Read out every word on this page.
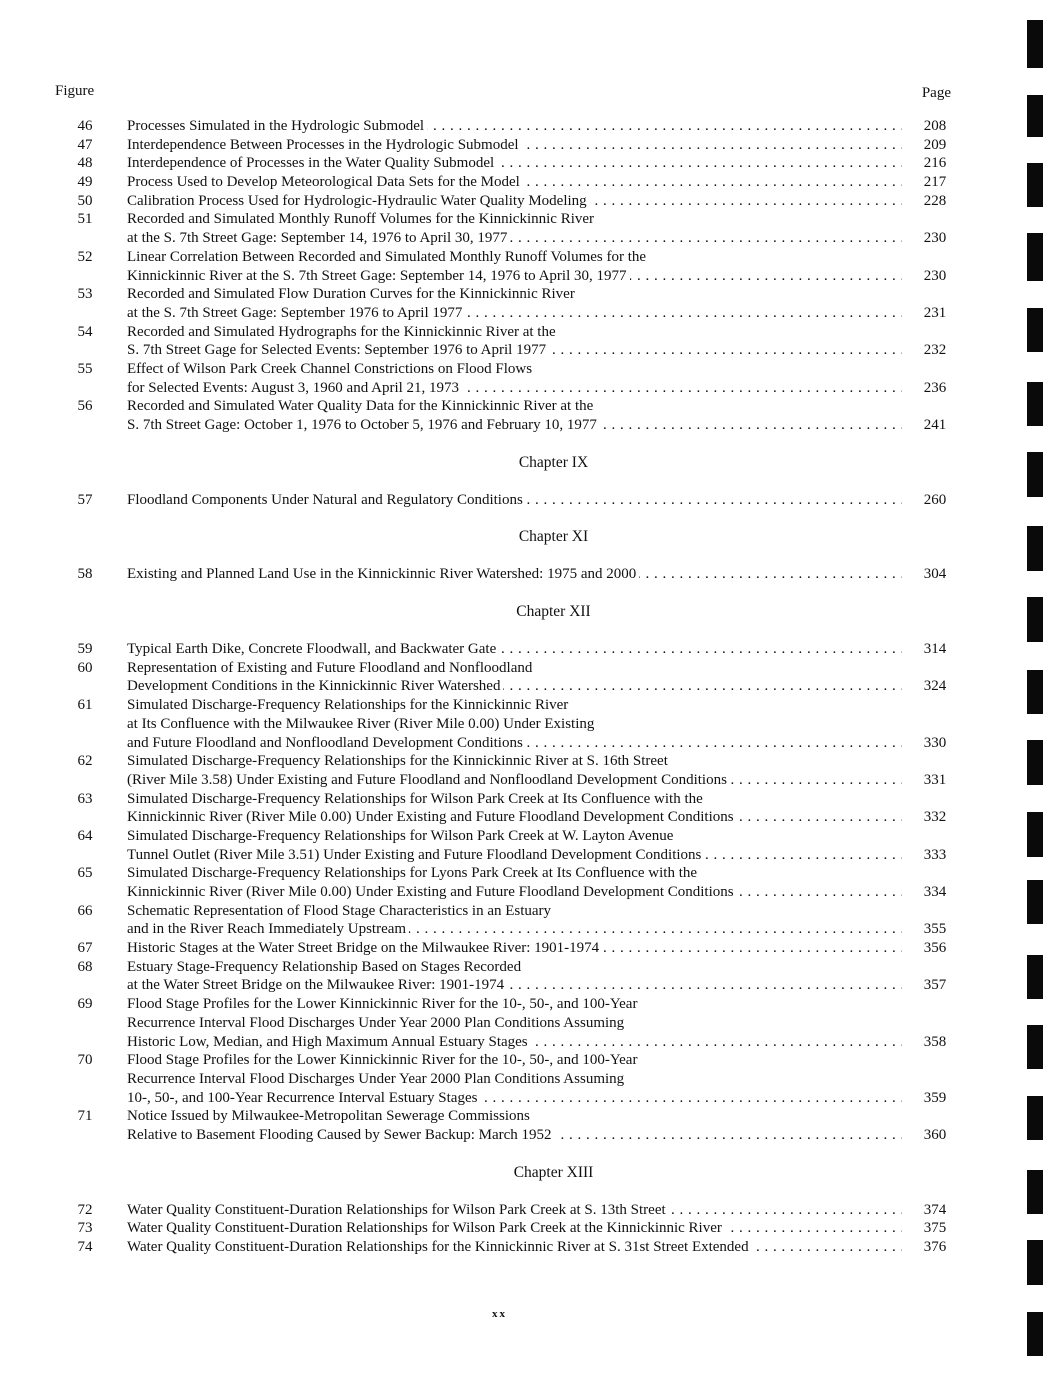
Figure	Page
46	Processes Simulated in the Hydrologic Submodel . . .	208
47	Interdependence Between Processes in the Hydrologic Submodel . . .	209
48	Interdependence of Processes in the Water Quality Submodel . . .	216
49	Process Used to Develop Meteorological Data Sets for the Model . . .	217
50	Calibration Process Used for Hydrologic-Hydraulic Water Quality Modeling . . .	228
51	Recorded and Simulated Monthly Runoff Volumes for the Kinnickinnic River
at the S. 7th Street Gage: September 14, 1976 to April 30, 1977 . . .	230
52	Linear Correlation Between Recorded and Simulated Monthly Runoff Volumes for the
Kinnickinnic River at the S. 7th Street Gage: September 14, 1976 to April 30, 1977 . . .	230
53	Recorded and Simulated Flow Duration Curves for the Kinnickinnic River
at the S. 7th Street Gage: September 1976 to April 1977 . . .	231
54	Recorded and Simulated Hydrographs for the Kinnickinnic River at the
S. 7th Street Gage for Selected Events: September 1976 to April 1977 . . .	232
55	Effect of Wilson Park Creek Channel Constrictions on Flood Flows
for Selected Events: August 3, 1960 and April 21, 1973 . . .	236
56	Recorded and Simulated Water Quality Data for the Kinnickinnic River at the
S. 7th Street Gage: October 1, 1976 to October 5, 1976 and February 10, 1977 . . .	241
Chapter IX
57	Floodland Components Under Natural and Regulatory Conditions . . .	260
Chapter XI
58	Existing and Planned Land Use in the Kinnickinnic River Watershed: 1975 and 2000 . . .	304
Chapter XII
59	Typical Earth Dike, Concrete Floodwall, and Backwater Gate . . .	314
60	Representation of Existing and Future Floodland and Nonfloodland
Development Conditions in the Kinnickinnic River Watershed . . .	324
61	Simulated Discharge-Frequency Relationships for the Kinnickinnic River
at Its Confluence with the Milwaukee River (River Mile 0.00) Under Existing
and Future Floodland and Nonfloodland Development Conditions . . .	330
62	Simulated Discharge-Frequency Relationships for the Kinnickinnic River at S. 16th Street
(River Mile 3.58) Under Existing and Future Floodland and Nonfloodland Development Conditions . . .	331
63	Simulated Discharge-Frequency Relationships for Wilson Park Creek at Its Confluence with the
Kinnickinnic River (River Mile 0.00) Under Existing and Future Floodland Development Conditions . . .	332
64	Simulated Discharge-Frequency Relationships for Wilson Park Creek at W. Layton Avenue
Tunnel Outlet (River Mile 3.51) Under Existing and Future Floodland Development Conditions . . .	333
65	Simulated Discharge-Frequency Relationships for Lyons Park Creek at Its Confluence with the
Kinnickinnic River (River Mile 0.00) Under Existing and Future Floodland Development Conditions . . .	334
66	Schematic Representation of Flood Stage Characteristics in an Estuary
and in the River Reach Immediately Upstream . . .	355
67	Historic Stages at the Water Street Bridge on the Milwaukee River: 1901-1974 . . .	356
68	Estuary Stage-Frequency Relationship Based on Stages Recorded
at the Water Street Bridge on the Milwaukee River: 1901-1974 . . .	357
69	Flood Stage Profiles for the Lower Kinnickinnic River for the 10-, 50-, and 100-Year
Recurrence Interval Flood Discharges Under Year 2000 Plan Conditions Assuming
Historic Low, Median, and High Maximum Annual Estuary Stages . . .	358
70	Flood Stage Profiles for the Lower Kinnickinnic River for the 10-, 50-, and 100-Year
Recurrence Interval Flood Discharges Under Year 2000 Plan Conditions Assuming
10-, 50-, and 100-Year Recurrence Interval Estuary Stages . . .	359
71	Notice Issued by Milwaukee-Metropolitan Sewerage Commissions
Relative to Basement Flooding Caused by Sewer Backup: March 1952 . . .	360
Chapter XIII
72	Water Quality Constituent-Duration Relationships for Wilson Park Creek at S. 13th Street . . .	374
73	Water Quality Constituent-Duration Relationships for Wilson Park Creek at the Kinnickinnic River . . .	375
74	Water Quality Constituent-Duration Relationships for the Kinnickinnic River at S. 31st Street Extended . . .	376
xx
